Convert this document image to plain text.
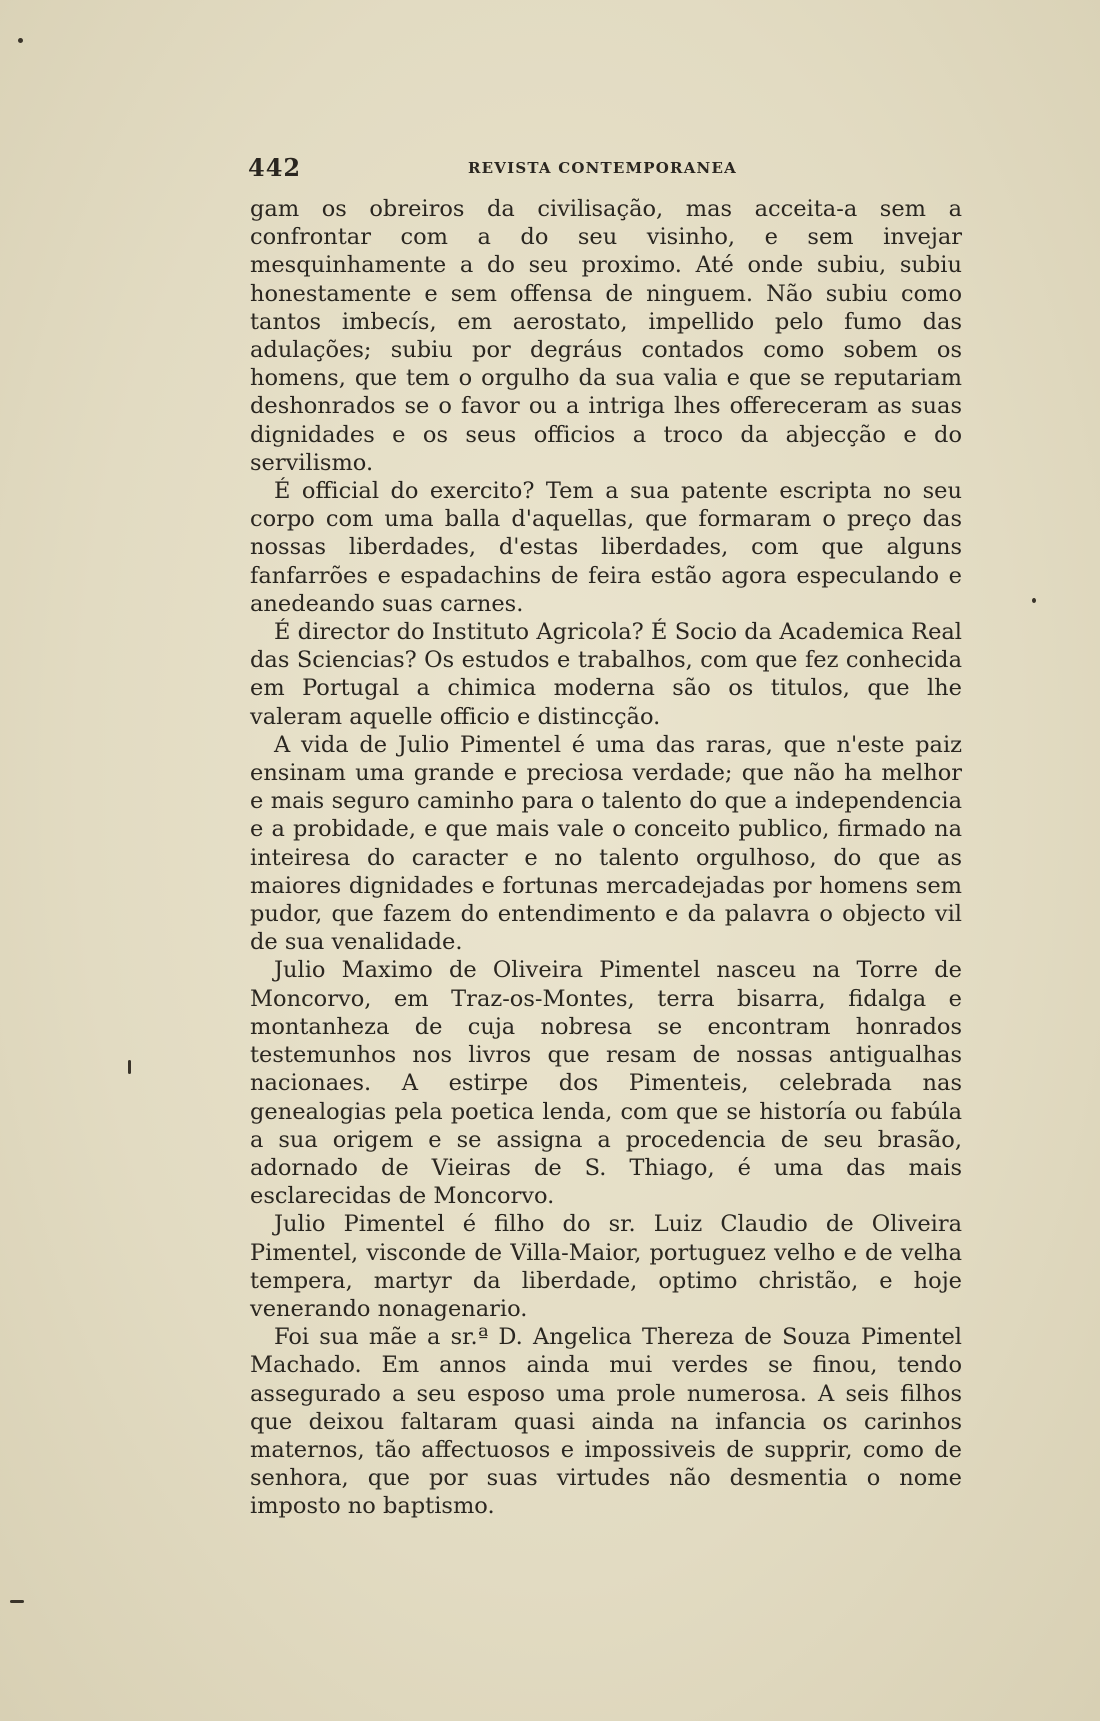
442	REVISTA CONTEMPORANEA

gam os obreiros da civilisação, mas acceita-a sem a confrontar com a do seu visinho, e sem invejar mesquinhamente a do seu proximo. Até onde subiu, subiu honestamente e sem offensa de ninguem. Não subiu como tantos imbecís, em aerostato, impellido pelo fumo das adulações; subiu por degráus contados como sobem os homens, que tem o orgulho da sua valia e que se reputariam deshonrados se o favor ou a intriga lhes offereceram as suas dignidades e os seus officios a troco da abjecção e do servilismo.

É official do exercito? Tem a sua patente escripta no seu corpo com uma balla d'aquellas, que formaram o preço das nossas liberdades, d'estas liberdades, com que alguns fanfarrões e espadachins de feira estão agora especulando e anedeando suas carnes.

É director do Instituto Agricola? É Socio da Academica Real das Sciencias? Os estudos e trabalhos, com que fez conhecida em Portugal a chimica moderna são os titulos, que lhe valeram aquelle officio e distincção.

A vida de Julio Pimentel é uma das raras, que n'este paiz ensinam uma grande e preciosa verdade; que não ha melhor e mais seguro caminho para o talento do que a independencia e a probidade, e que mais vale o conceito publico, firmado na inteiresa do caracter e no talento orgulhoso, do que as maiores dignidades e fortunas mercadejadas por homens sem pudor, que fazem do entendimento e da palavra o objecto vil de sua venalidade.

Julio Maximo de Oliveira Pimentel nasceu na Torre de Moncorvo, em Traz-os-Montes, terra bisarra, fidalga e montanheza de cuja nobresa se encontram honrados testemunhos nos livros que resam de nossas antigualhas nacionaes. A estirpe dos Pimenteis, celebrada nas genealogias pela poetica lenda, com que se historía ou fabúla a sua origem e se assigna a procedencia de seu brasão, adornado de Vieiras de S. Thiago, é uma das mais esclarecidas de Moncorvo.

Julio Pimentel é filho do sr. Luiz Claudio de Oliveira Pimentel, visconde de Villa-Maior, portuguez velho e de velha tempera, martyr da liberdade, optimo christão, e hoje venerando nonagenario.

Foi sua mãe a sr.ª D. Angelica Thereza de Souza Pimentel Machado. Em annos ainda mui verdes se finou, tendo assegurado a seu esposo uma prole numerosa. A seis filhos que deixou faltaram quasi ainda na infancia os carinhos maternos, tão affectuosos e impossiveis de supprir, como de senhora, que por suas virtudes não desmentia o nome imposto no baptismo.
